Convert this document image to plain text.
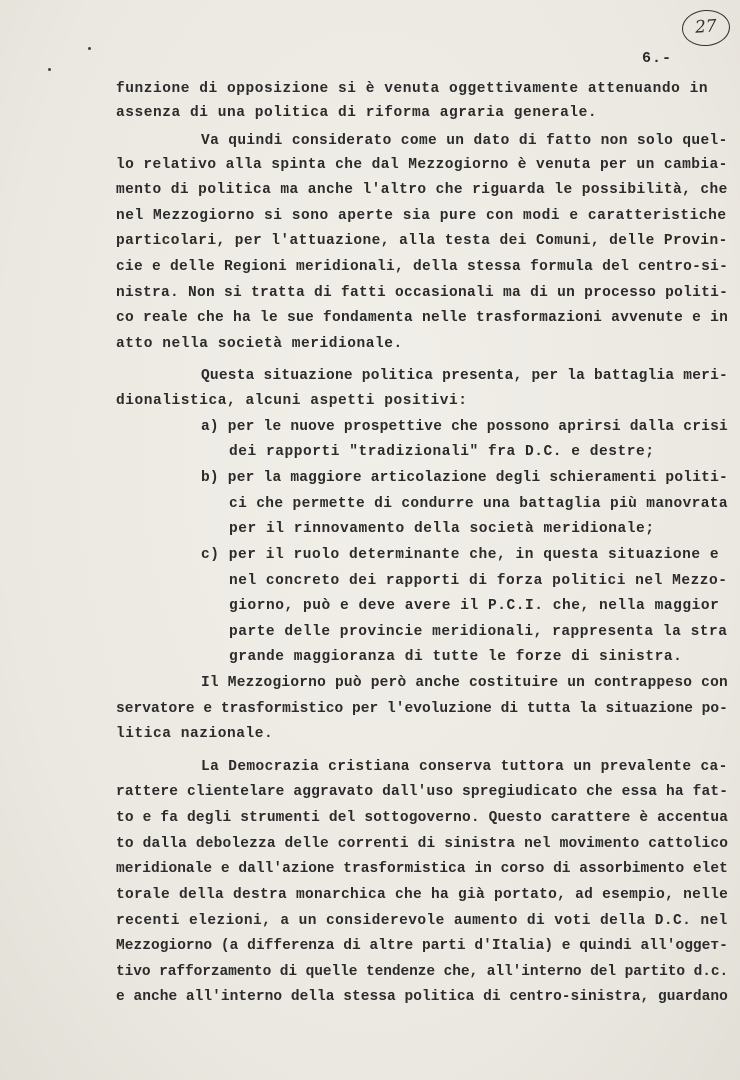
27
6.-
funzione di opposizione si è venuta oggettivamente attenuando in
assenza di una politica di riforma agraria generale.
Va quindi considerato come un dato di fatto non solo quel-
lo relativo alla spinta che dal Mezzogiorno è venuta per un cambia-
mento di politica ma anche l'altro che riguarda le possibilità, che
nel Mezzogiorno si sono aperte sia pure con modi e caratteristiche
particolari, per l'attuazione, alla testa dei Comuni, delle Provin-
cie e delle Regioni meridionali, della stessa formula del centro-si-
nistra. Non si tratta di fatti occasionali ma di un processo politi-
co reale che ha le sue fondamenta nelle trasformazioni avvenute e in
atto nella società meridionale.
Questa situazione politica presenta, per la battaglia meri-
dionalistica, alcuni aspetti positivi:
a) per le nuove prospettive che possono aprirsi dalla crisi
dei rapporti "tradizionali" fra D.C. e destre;
b) per la maggiore articolazione degli schieramenti politi-
ci che permette di condurre una battaglia più manovrata
per il rinnovamento della società meridionale;
c) per il ruolo determinante che, in questa situazione e
nel concreto dei rapporti di forza politici nel Mezzo-
giorno, può e deve avere il P.C.I. che, nella maggior
parte delle provincie meridionali, rappresenta la stra
grande maggioranza di tutte le forze di sinistra.
Il Mezzogiorno può però anche costituire un contrappeso con
servatore e trasformistico per l'evoluzione di tutta la situazione po-
litica nazionale.
La Democrazia cristiana conserva tuttora un prevalente ca-
rattere clientelare aggravato dall'uso spregiudicato che essa ha fat-
to e fa degli strumenti del sottogoverno. Questo carattere è accentua
to dalla debolezza delle correnti di sinistra nel movimento cattolico
meridionale e dall'azione trasformistica in corso di assorbimento elet
torale della destra monarchica che ha già portato, ad esempio, nelle
recenti elezioni, a un considerevole aumento di voti della D.C. nel
Mezzogiorno (a differenza di altre parti d'Italia) e quindi all'oggет-
tivo rafforzamento di quelle tendenze che, all'interno del partito d.c.
e anche all'interno della stessa politica di centro-sinistra, guardano
